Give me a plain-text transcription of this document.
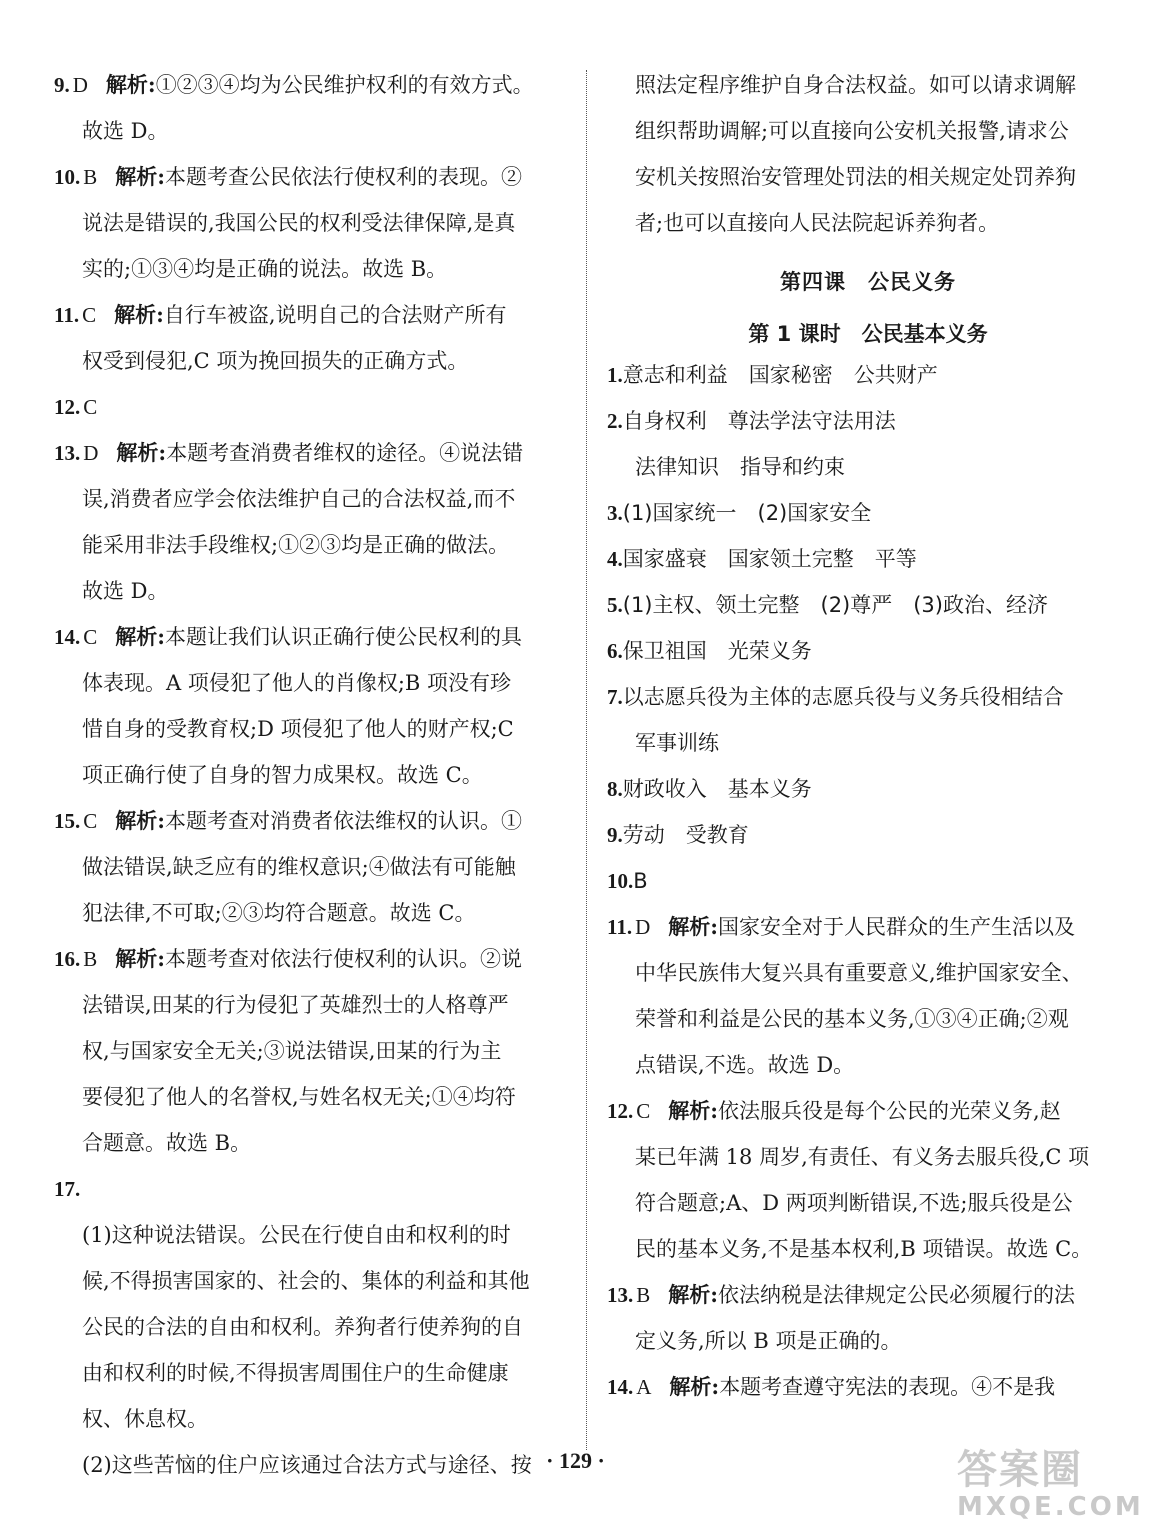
9. D 解析:①②③④均为公民维护权利的有效方式。
故选 D。
10. B 解析:本题考查公民依法行使权利的表现。②
说法是错误的,我国公民的权利受法律保障,是真
实的;①③④均是正确的说法。故选 B。
11. C 解析:自行车被盗,说明自己的合法财产所有
权受到侵犯,C 项为挽回损失的正确方式。
12. C
13. D 解析:本题考查消费者维权的途径。④说法错
误,消费者应学会依法维护自己的合法权益,而不
能采用非法手段维权;①②③均是正确的做法。
故选 D。
14. C 解析:本题让我们认识正确行使公民权利的具
体表现。A 项侵犯了他人的肖像权;B 项没有珍
惜自身的受教育权;D 项侵犯了他人的财产权;C
项正确行使了自身的智力成果权。故选 C。
15. C 解析:本题考查对消费者依法维权的认识。①
做法错误,缺乏应有的维权意识;④做法有可能触
犯法律,不可取;②③均符合题意。故选 C。
16. B 解析:本题考查对依法行使权利的认识。②说
法错误,田某的行为侵犯了英雄烈士的人格尊严
权,与国家安全无关;③说法错误,田某的行为主
要侵犯了他人的名誉权,与姓名权无关;①④均符
合题意。故选 B。
17.
(1)这种说法错误。公民在行使自由和权利的时
候,不得损害国家的、社会的、集体的利益和其他
公民的合法的自由和权利。养狗者行使养狗的自
由和权利的时候,不得损害周围住户的生命健康
权、休息权。
(2)这些苦恼的住户应该通过合法方式与途径、按
照法定程序维护自身合法权益。如可以请求调解
组织帮助调解;可以直接向公安机关报警,请求公
安机关按照治安管理处罚法的相关规定处罚养狗
者;也可以直接向人民法院起诉养狗者。
第四课　公民义务
第 1 课时　公民基本义务
1.意志和利益　国家秘密　公共财产
2.自身权利　尊法学法守法用法
法律知识　指导和约束
3.(1)国家统一　(2)国家安全
4.国家盛衰　国家领土完整　平等
5.(1)主权、领土完整　(2)尊严　(3)政治、经济
6.保卫祖国　光荣义务
7.以志愿兵役为主体的志愿兵役与义务兵役相结合
军事训练
8.财政收入　基本义务
9.劳动　受教育
10.B
11. D 解析:国家安全对于人民群众的生产生活以及
中华民族伟大复兴具有重要意义,维护国家安全、
荣誉和利益是公民的基本义务,①③④正确;②观
点错误,不选。故选 D。
12. C 解析:依法服兵役是每个公民的光荣义务,赵
某已年满 18 周岁,有责任、有义务去服兵役,C 项
符合题意;A、D 两项判断错误,不选;服兵役是公
民的基本义务,不是基本权利,B 项错误。故选 C。
13. B 解析:依法纳税是法律规定公民必须履行的法
定义务,所以 B 项是正确的。
14. A 解析:本题考查遵守宪法的表现。④不是我
· 129 ·	答案圈
MXQE.COM
